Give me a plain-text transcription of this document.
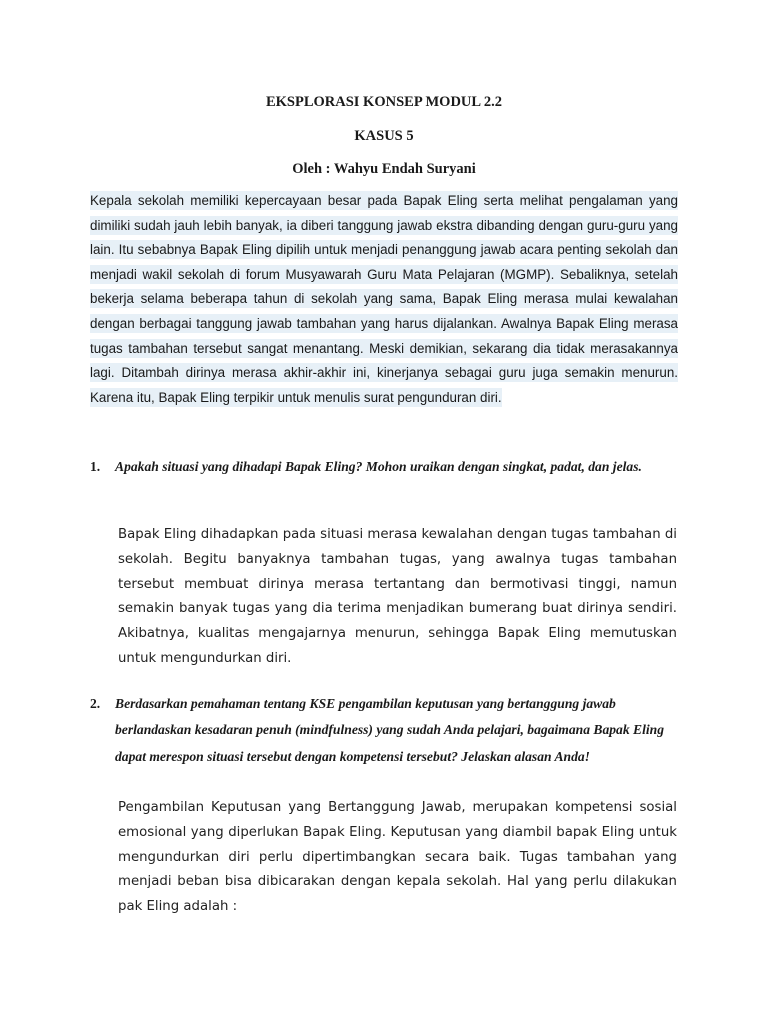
EKSPLORASI KONSEP MODUL 2.2
KASUS 5
Oleh : Wahyu Endah Suryani
Kepala sekolah memiliki kepercayaan besar pada Bapak Eling serta melihat pengalaman yang dimiliki sudah jauh lebih banyak, ia diberi tanggung jawab ekstra dibanding dengan guru-guru yang lain. Itu sebabnya Bapak Eling dipilih untuk menjadi penanggung jawab acara penting sekolah dan menjadi wakil sekolah di forum Musyawarah Guru Mata Pelajaran (MGMP). Sebaliknya, setelah bekerja selama beberapa tahun di sekolah yang sama, Bapak Eling merasa mulai kewalahan dengan berbagai tanggung jawab tambahan yang harus dijalankan. Awalnya Bapak Eling merasa tugas tambahan tersebut sangat menantang. Meski demikian, sekarang dia tidak merasakannya lagi. Ditambah dirinya merasa akhir-akhir ini, kinerjanya sebagai guru juga semakin menurun. Karena itu, Bapak Eling terpikir untuk menulis surat pengunduran diri.
1. Apakah situasi yang dihadapi Bapak Eling? Mohon uraikan dengan singkat, padat, dan jelas.
Bapak Eling dihadapkan pada situasi merasa kewalahan dengan tugas tambahan di sekolah. Begitu banyaknya tambahan tugas, yang awalnya tugas tambahan tersebut membuat dirinya merasa tertantang dan bermotivasi tinggi, namun semakin banyak tugas yang dia terima menjadikan bumerang buat dirinya sendiri. Akibatnya, kualitas mengajarnya menurun, sehingga Bapak Eling memutuskan untuk mengundurkan diri.
2. Berdasarkan pemahaman tentang KSE pengambilan keputusan yang bertanggung jawab berlandaskan kesadaran penuh (mindfulness) yang sudah Anda pelajari, bagaimana Bapak Eling dapat merespon situasi tersebut dengan kompetensi tersebut? Jelaskan alasan Anda!
Pengambilan Keputusan yang Bertanggung Jawab, merupakan kompetensi sosial emosional yang diperlukan Bapak Eling. Keputusan yang diambil bapak Eling untuk mengundurkan diri perlu dipertimbangkan secara baik. Tugas tambahan yang menjadi beban bisa dibicarakan dengan kepala sekolah. Hal yang perlu dilakukan pak Eling adalah :
